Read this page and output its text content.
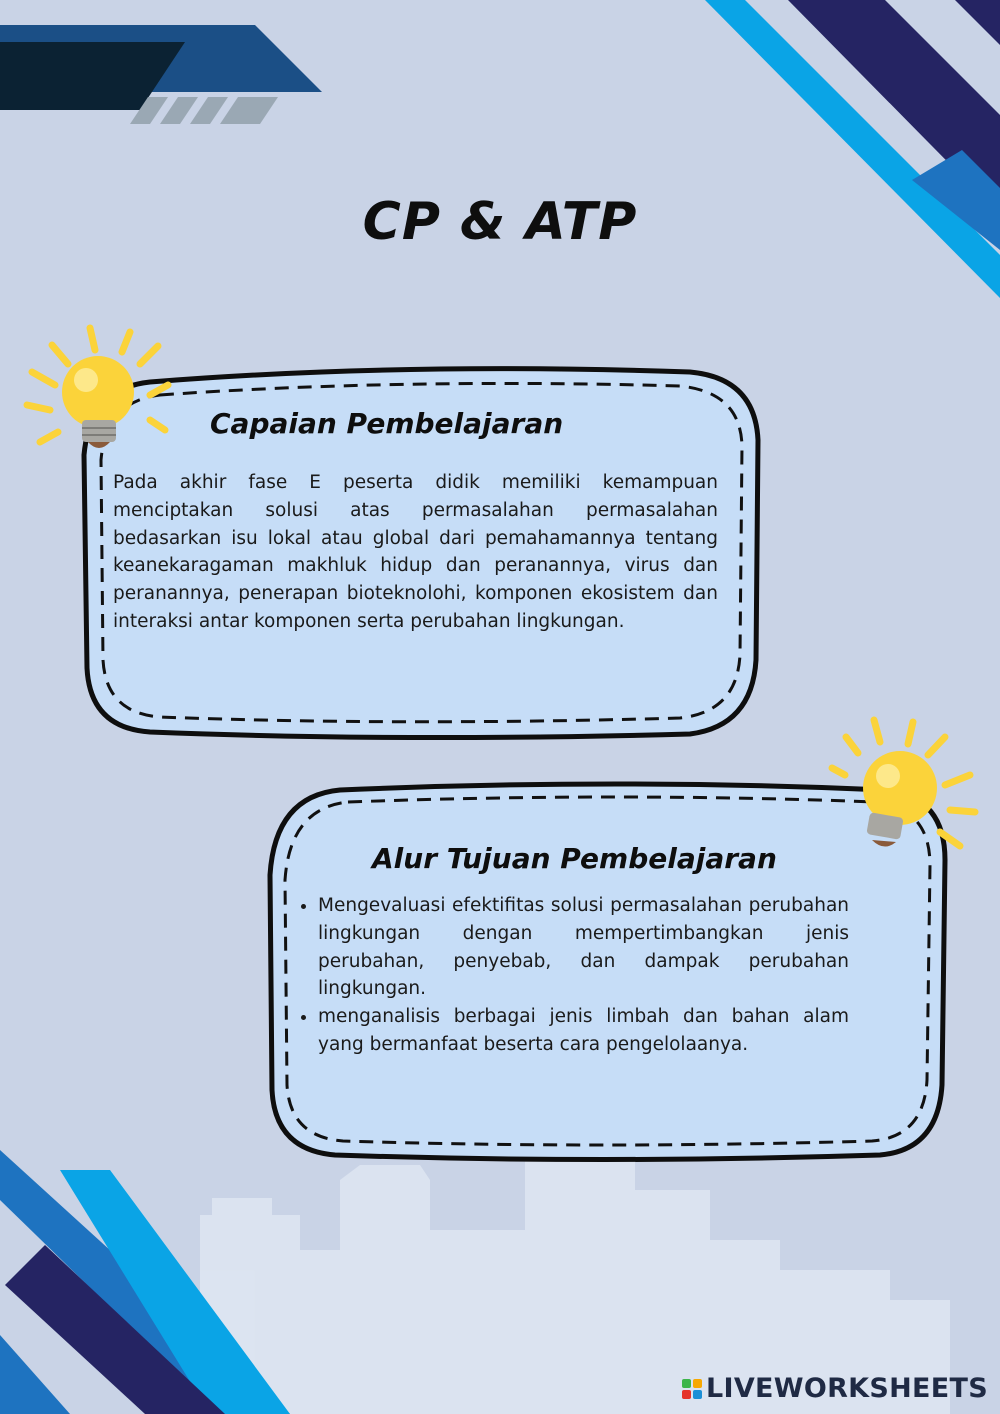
CP & ATP
Capaian Pembelajaran
Pada akhir fase E peserta didik memiliki kemampuan menciptakan solusi atas permasalahan permasalahan bedasarkan isu lokal atau global dari pemahamannya tentang keanekaragaman makhluk hidup dan peranannya, virus dan peranannya, penerapan bioteknolohi, komponen ekosistem dan interaksi antar komponen serta perubahan lingkungan.
Alur Tujuan Pembelajaran
• Mengevaluasi efektifitas solusi permasalahan perubahan lingkungan dengan mempertimbangkan jenis perubahan, penyebab, dan dampak perubahan lingkungan.
• menganalisis berbagai jenis limbah dan bahan alam yang bermanfaat beserta cara pengelolaanya.
LIVEWORKSHEETS
